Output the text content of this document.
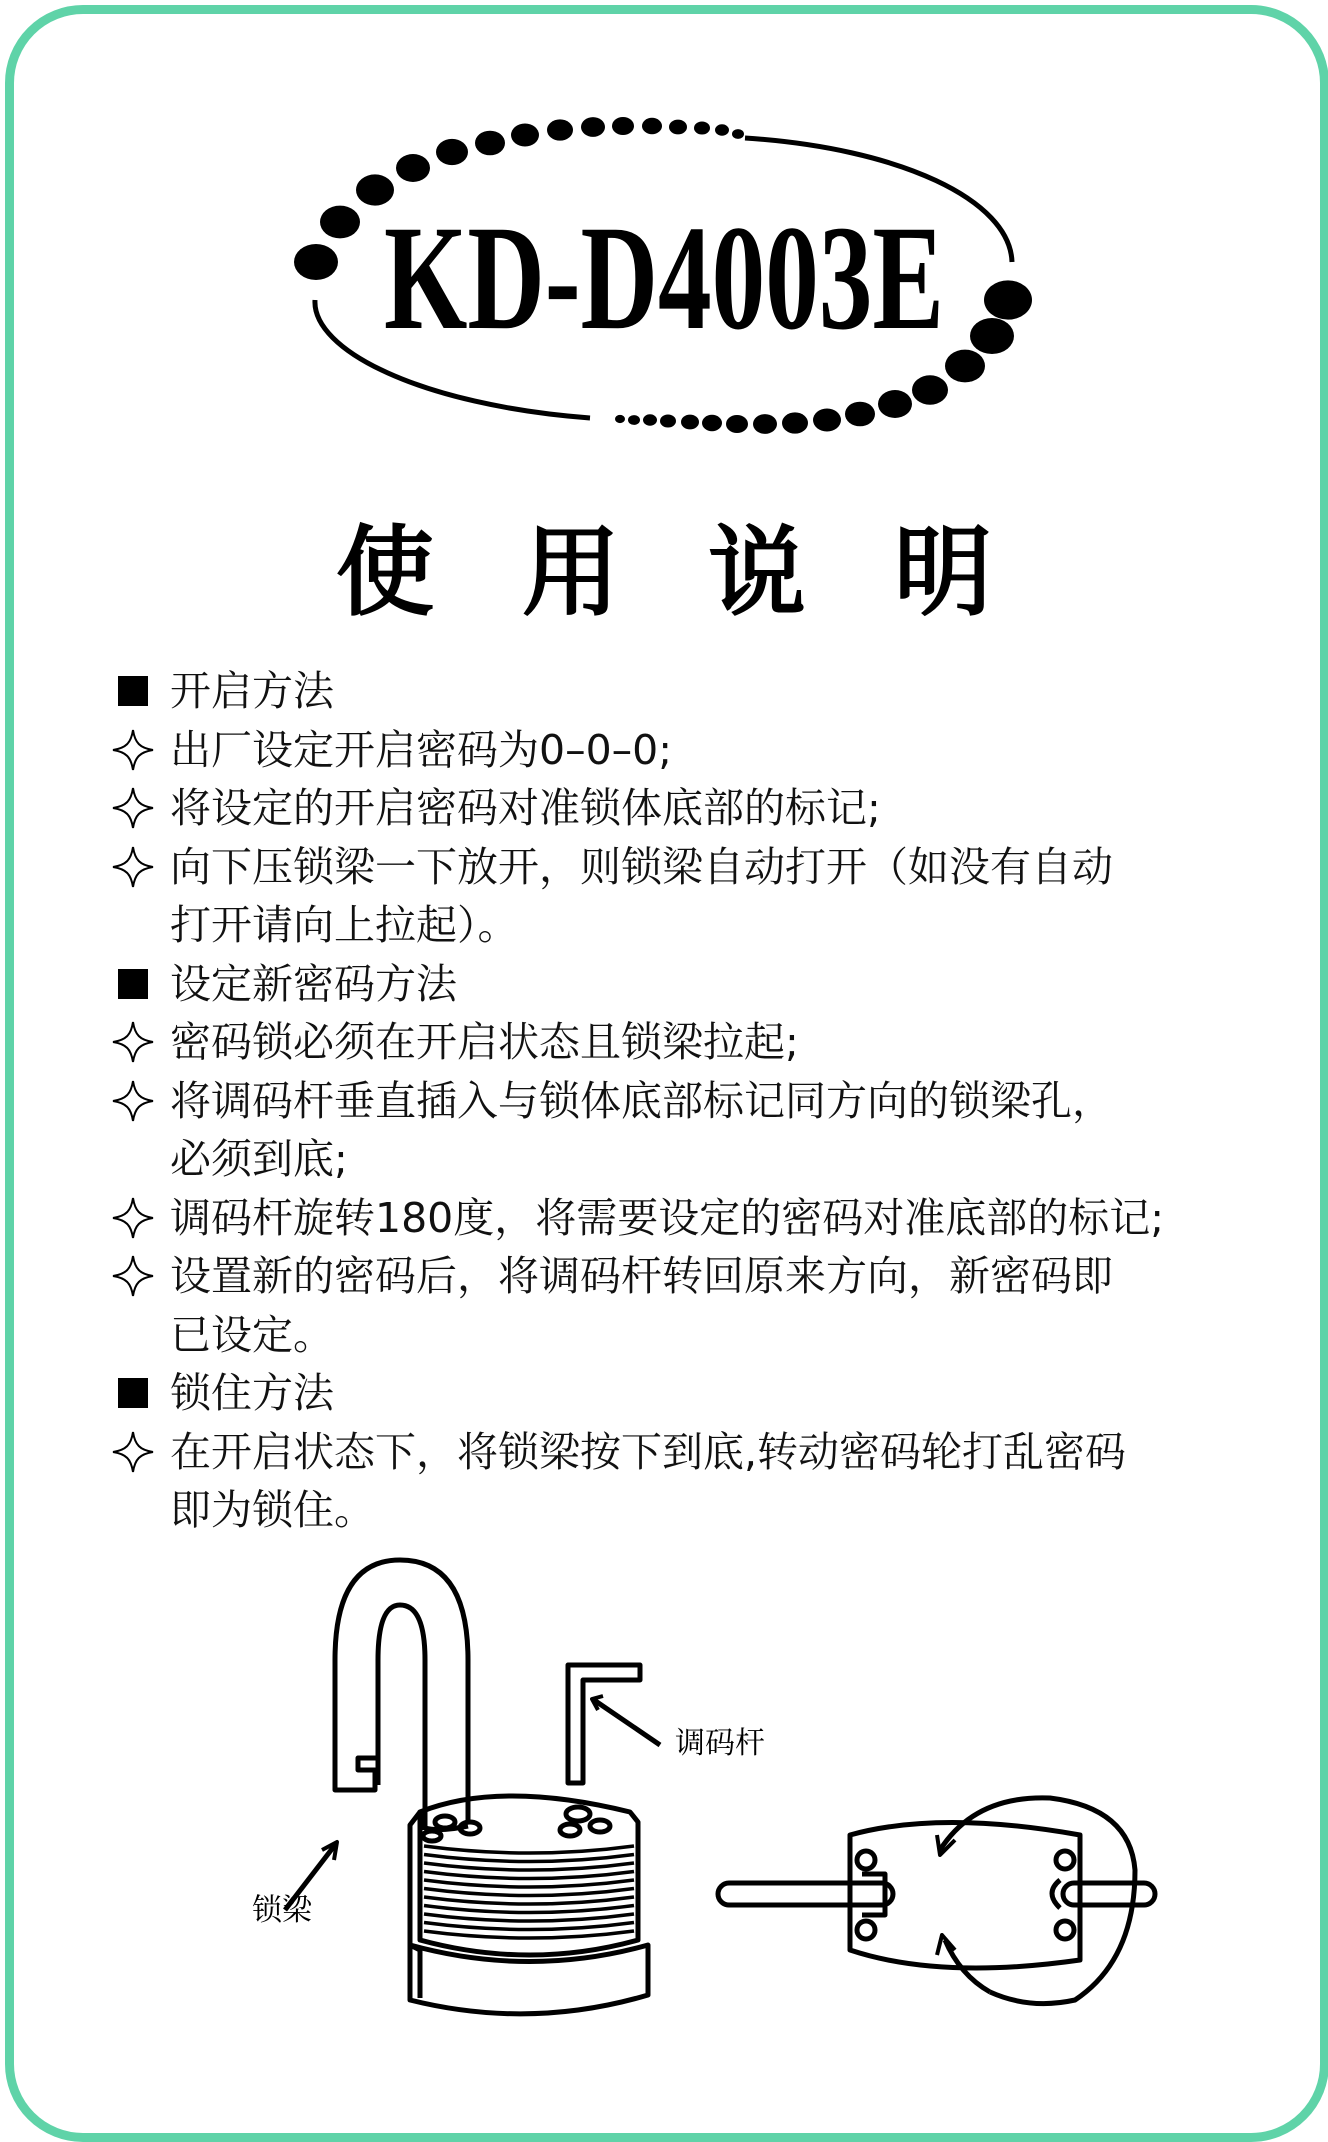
KD-D4003E
使用说明
开启方法
出厂设定开启密码为0–0–0;
将设定的开启密码对准锁体底部的标记;
向下压锁梁一下放开，则锁梁自动打开（如没有自动
打开请向上拉起）。
设定新密码方法
密码锁必须在开启状态且锁梁拉起;
将调码杆垂直插入与锁体底部标记同方向的锁梁孔，
必须到底;
调码杆旋转180度，将需要设定的密码对准底部的标记;
设置新的密码后，将调码杆转回原来方向，新密码即
已设定。
锁住方法
在开启状态下，将锁梁按下到底,转动密码轮打乱密码
即为锁住。
锁梁
调码杆
